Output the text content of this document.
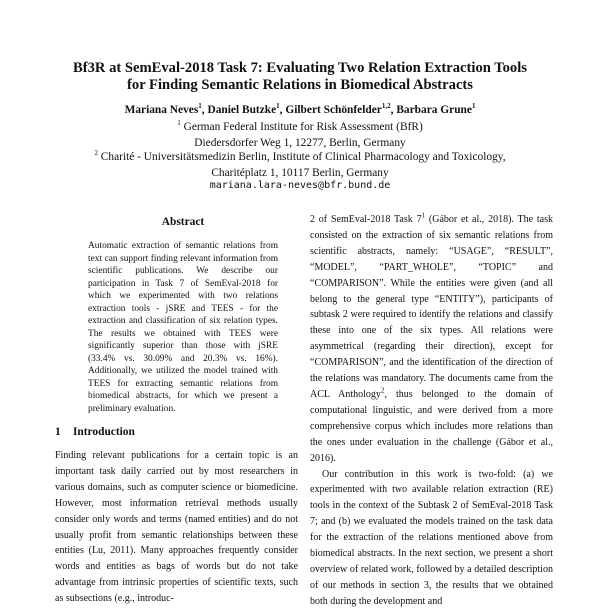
Bf3R at SemEval-2018 Task 7: Evaluating Two Relation Extraction Tools
for Finding Semantic Relations in Biomedical Abstracts
Mariana Neves$^1$, Daniel Butzke$^1$, Gilbert Schönfelder$^{1,2}$, Barbara Grune$^1$
$^1$ German Federal Institute for Risk Assessment (BfR)
Diedersdorfer Weg 1, 12277, Berlin, Germany
$^2$ Charité - Universitätsmedizin Berlin, Institute of Clinical Pharmacology and Toxicology,
Charitéplatz 1, 10117 Berlin, Germany
mariana.lara-neves@bfr.bund.de
Abstract

Automatic extraction of semantic relations from text can support finding relevant information from scientific publications. We describe our participation in Task 7 of SemEval-2018 for which we experimented with two relations extraction tools - jSRE and TEES - for the extraction and classification of six relation types. The results we obtained with TEES were significantly superior than those with jSRE (33.4% vs. 30.09% and 20.3% vs. 16%). Additionally, we utilized the model trained with TEES for extracting semantic relations from biomedical abstracts, for which we present a preliminary evaluation.

1 Introduction

Finding relevant publications for a certain topic is an important task daily carried out by most researchers in various domains, such as computer science or biomedicine. However, most information retrieval methods usually consider only words and terms (named entities) and do not usually profit from semantic relationships between these entities (Lu, 2011). Many approaches frequently consider words and entities as bags of words but do not take advantage from intrinsic properties of scientific texts, such as subsections (e.g., introduc-

2 of SemEval-2018 Task $7^1$ (Gábor et al., 2018). The task consisted on the extraction of six semantic relations from scientific abstracts, namely: “USAGE”, “RESULT”, “MODEL”, “PART_WHOLE”, “TOPIC” and “COMPARISON”. While the entities were given (and all belong to the general type “ENTITY”), participants of subtask 2 were required to identify the relations and classify these into one of the six types. All relations were asymmetrical (regarding their direction), except for “COMPARISON”, and the identification of the direction of the relations was mandatory. The documents came from the ACL Anthology$^2$, thus belonged to the domain of computational linguistic, and were derived from a more comprehensive corpus which includes more relations than the ones under evaluation in the challenge (Gábor et al., 2016).

Our contribution in this work is two-fold: (a) we experimented with two available relation extraction (RE) tools in the context of the Subtask 2 of SemEval-2018 Task 7; and (b) we evaluated the models trained on the task data for the extraction of the relations mentioned above from biomedical abstracts. In the next section, we present a short overview of related work, followed by a detailed description of our methods in section 3, the results that we obtained both during the development and
